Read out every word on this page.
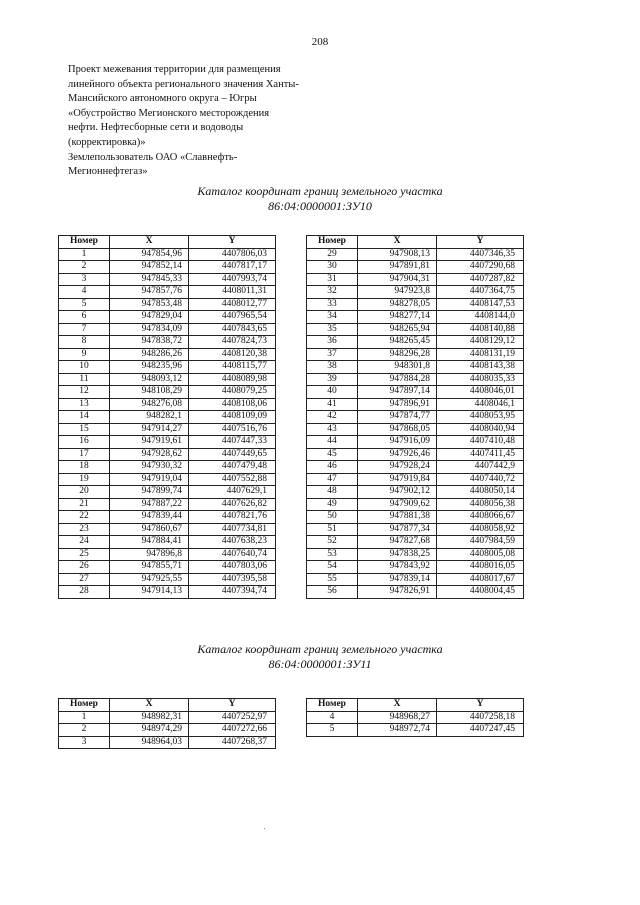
208
Проект межевания территории для размещения
линейного объекта регионального значения Ханты-
Мансийского автономного округа – Югры
«Обустройство Мегионского месторождения
нефти. Нефтесборные сети и водоводы
(корректировка)»
Землепользователь ОАО «Славнефть-
Мегионнефтегаз»
Каталог координат границ земельного участка
86:04:0000001:ЗУ10
Номер	X	Y
1	947854,96	4407806,03
2	947852,14	4407817,17
3	947845,33	4407993,74
4	947857,76	4408011,31
5	947853,48	4408012,77
6	947829,04	4407965,54
7	947834,09	4407843,65
8	947838,72	4407824,73
9	948286,26	4408120,38
10	948235,96	4408115,77
11	948093,12	4408089,98
12	948108,29	4408079,25
13	948276,08	4408108,06
14	948282,1	4408109,09
15	947914,27	4407516,76
16	947919,61	4407447,33
17	947928,62	4407449,65
18	947930,32	4407479,48
19	947919,04	4407552,88
20	947899,74	4407629,1
21	947887,22	4407626,82
22	947839,44	4407821,76
23	947860,67	4407734,81
24	947884,41	4407638,23
25	947896,8	4407640,74
26	947855,71	4407803,06
27	947925,55	4407395,58
28	947914,13	4407394,74
Номер	X	Y
29	947908,13	4407346,35
30	947891,81	4407290,68
31	947904,31	4407287,82
32	947923,8	4407364,75
33	948278,05	4408147,53
34	948277,14	4408144,0
35	948265,94	4408140,88
36	948265,45	4408129,12
37	948296,28	4408131,19
38	948301,8	4408143,38
39	947884,28	4408035,33
40	947897,14	4408046,01
41	947896,91	4408046,1
42	947874,77	4408053,95
43	947868,05	4408040,94
44	947916,09	4407410,48
45	947926,46	4407411,45
46	947928,24	4407442,9
47	947919,84	4407440,72
48	947902,12	4408050,14
49	947909,62	4408056,38
50	947881,38	4408066,67
51	947877,34	4408058,92
52	947827,68	4407984,59
53	947838,25	4408005,08
54	947843,92	4408016,05
55	947839,14	4408017,67
56	947826,91	4408004,45
Каталог координат границ земельного участка
86:04:0000001:ЗУ11
Номер	X	Y
1	948982,31	4407252,97
2	948974,29	4407272,66
3	948964,03	4407268,37
Номер	X	Y
4	948968,27	4407258,18
5	948972,74	4407247,45
